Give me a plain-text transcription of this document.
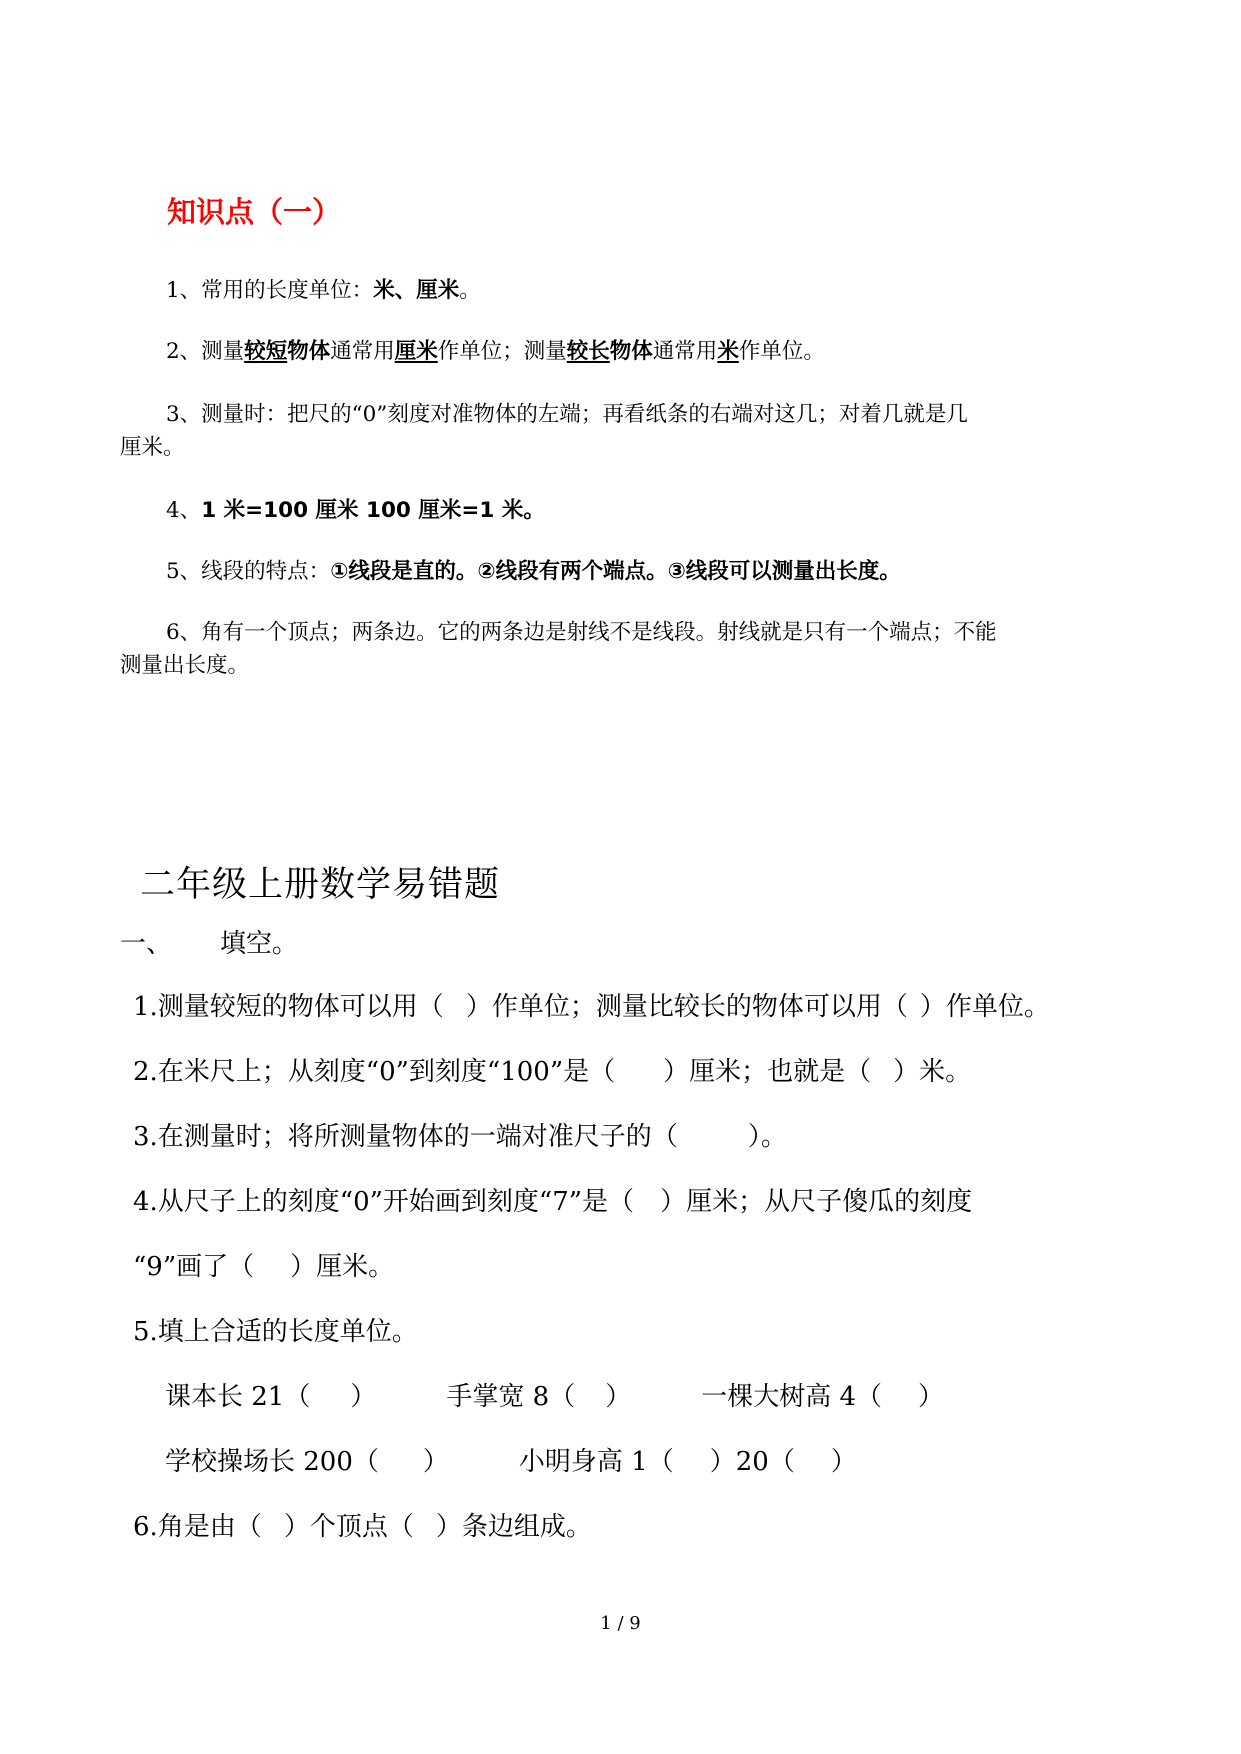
知识点（一）
1、常用的长度单位：米、厘米。
2、测量较短物体通常用厘米作单位；测量较长物体通常用米作单位。
3、测量时：把尺的“0”刻度对准物体的左端；再看纸条的右端对这几；对着几就是几
厘米。
4、1 米=100 厘米 100 厘米=1 米。
5、线段的特点：①线段是直的。②线段有两个端点。③线段可以测量出长度。
6、角有一个顶点；两条边。它的两条边是射线不是线段。射线就是只有一个端点；不能
测量出长度。
二年级上册数学易错题
一、 填空。
1.测量较短的物体可以用（ ）作单位；测量比较长的物体可以用（ ）作单位。
2.在米尺上；从刻度“0”到刻度“100”是（ ）厘米；也就是（ ）米。
3.在测量时；将所测量物体的一端对准尺子的（	）。
4.从尺子上的刻度“0”开始画到刻度“7”是（ ）厘米；从尺子傻瓜的刻度
“9”画了（ ）厘米。
5.填上合适的长度单位。
课本长 21（ ）	手掌宽 8（ ）	一棵大树高 4（ ）
学校操场长 200（ ）	小明身高 1（ ）20（ ）
6.角是由（ ）个顶点（ ）条边组成。
1 / 9
